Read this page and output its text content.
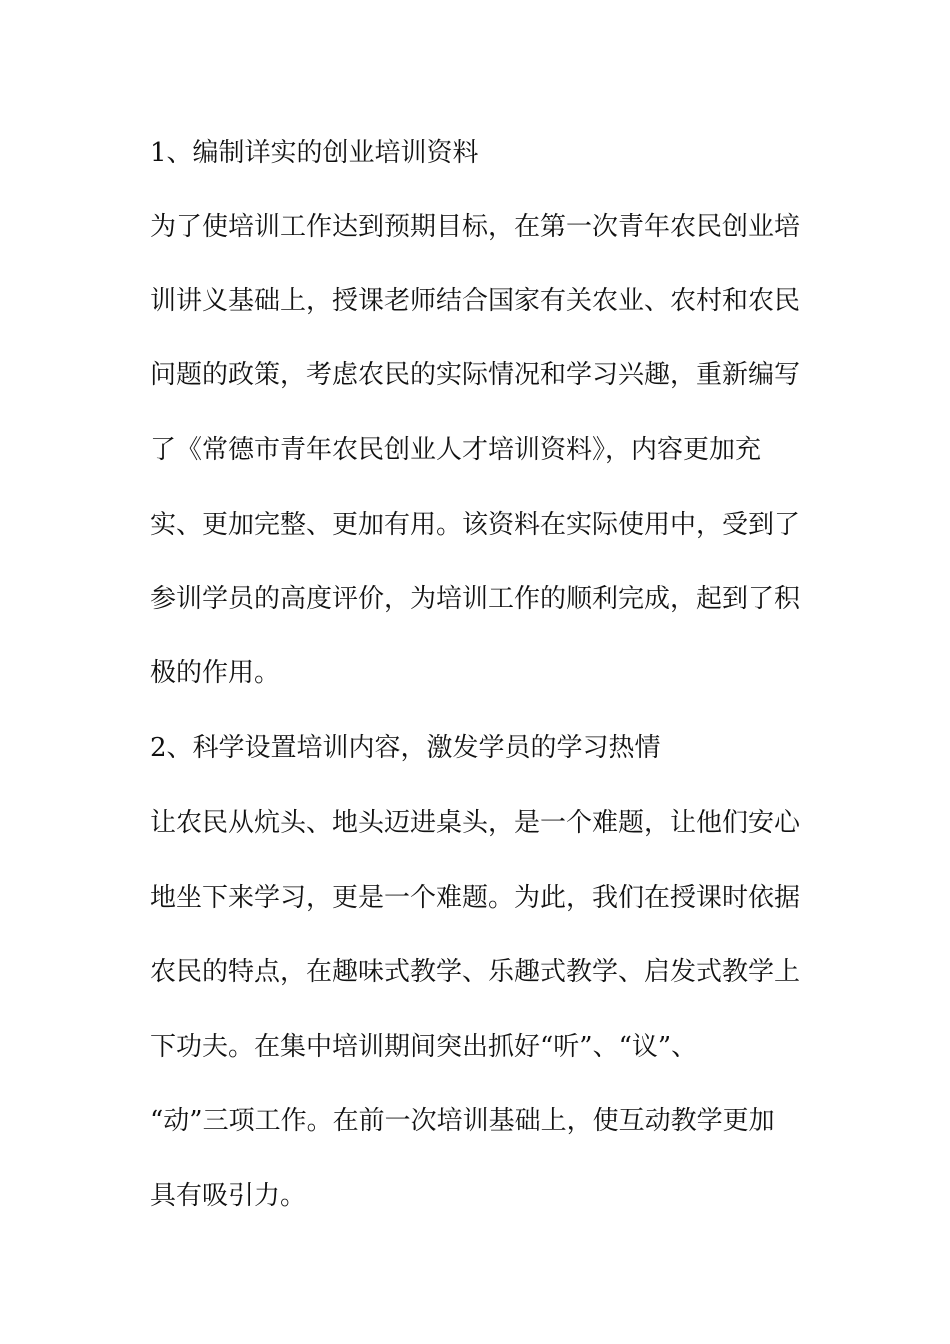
1、编制详实的创业培训资料

为了使培训工作达到预期目标，在第一次青年农民创业培

训讲义基础上，授课老师结合国家有关农业、农村和农民

问题的政策，考虑农民的实际情况和学习兴趣，重新编写

了《常德市青年农民创业人才培训资料》，内容更加充

实、更加完整、更加有用。该资料在实际使用中，受到了

参训学员的高度评价，为培训工作的顺利完成，起到了积

极的作用。

2、科学设置培训内容，激发学员的学习热情

让农民从炕头、地头迈进桌头，是一个难题，让他们安心

地坐下来学习，更是一个难题。为此，我们在授课时依据

农民的特点，在趣味式教学、乐趣式教学、启发式教学上

下功夫。在集中培训期间突出抓好“听”、“议”、

“动”三项工作。在前一次培训基础上，使互动教学更加

具有吸引力。
